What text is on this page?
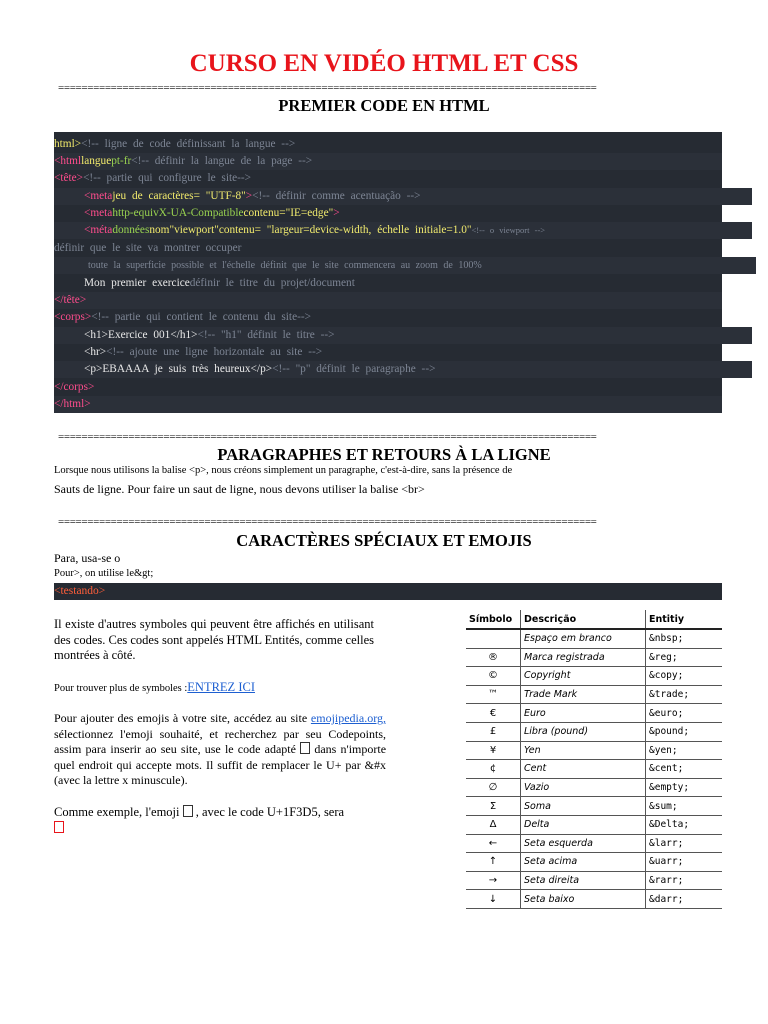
CURSO EN VIDÉO HTML ET CSS
============================================================================================
PREMIER CODE EN HTML
html><!-- ligne de code définissant la langue -->
<htmllanguept-fr<!-- définir la langue de la page -->
<tête><!-- partie qui configure le site-->
<metajeu de caractères= "UTF-8"><!-- définir comme acentuação -->
<metahttp-equivX-UA-Compatiblecontenu="IE=edge">
<métadonnéesnom"viewport"contenu= "largeur=device-width, échelle initiale=1.0"<!-- o viewport -->
définir que le site va montrer occuper
toute la superficie possible et l'échelle définit que le site commencera au zoom de 100%
Mon premier exercicedéfinir le titre du projet/document
</tête>
<corps><!-- partie qui contient le contenu du site-->
<h1>Exercice 001</h1><!-- "h1" définit le titre -->
<hr><!-- ajoute une ligne horizontale au site -->
<p>EBAAAA je suis très heureux</p><!-- "p" définit le paragraphe -->
</corps>
</html>
============================================================================================
PARAGRAPHES ET RETOURS À LA LIGNE
Lorsque nous utilisons la balise <p>, nous créons simplement un paragraphe, c'est-à-dire, sans la présence de
Sauts de ligne. Pour faire un saut de ligne, nous devons utiliser la balise <br>
============================================================================================
CARACTÈRES SPÉCIAUX ET EMOJIS
Para, usa-se o
Pour>, on utilise le&gt;
<testando>
Il existe d'autres symboles qui peuvent être affichés en utilisant des codes. Ces codes sont appelés HTML Entités, comme celles montrées à côté.
Pour trouver plus de symboles :ENTREZ ICI
Pour ajouter des emojis à votre site, accédez au site emojipedia.org, sélectionnez l'emoji souhaité, et recherchez par seu Codepoints, assim para inserir ao seu site, use le code adapté  dans n'importe quel endroit qui accepte mots. Il suffit de remplacer le U+ par &#x (avec la lettre x minuscule).
Comme exemple, l'emoji  , avec le code U+1F3D5, sera

Símbolo	Descrição	Entitiy
	Espaço em branco	&nbsp;
®	Marca registrada	&reg;
©	Copyright	&copy;
™	Trade Mark	&trade;
€	Euro	&euro;
£	Libra (pound)	&pound;
¥	Yen	&yen;
¢	Cent	&cent;
∅	Vazio	&empty;
Σ	Soma	&sum;
Δ	Delta	&Delta;
←	Seta esquerda	&larr;
↑	Seta acima	&uarr;
→	Seta direita	&rarr;
↓	Seta baixo	&darr;
